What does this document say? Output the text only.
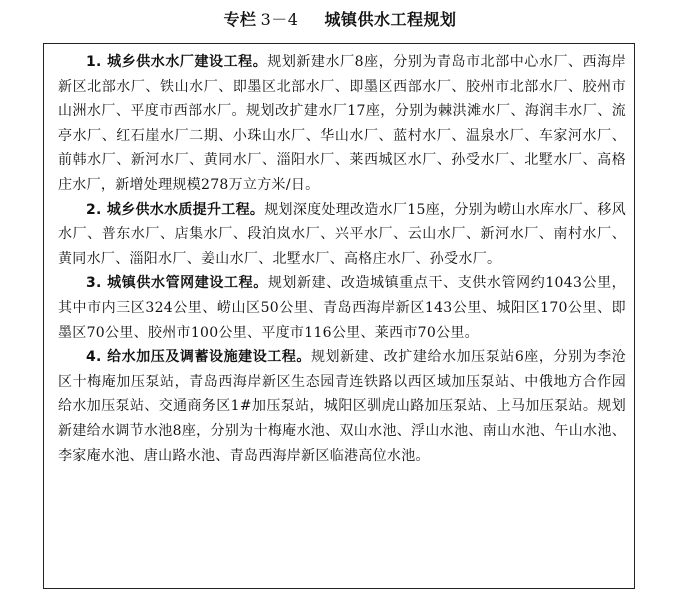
专栏 3－4 城镇供水工程规划

1. 城乡供水水厂建设工程。规划新建水厂8座，分别为青岛市北部中心水厂、西海岸新区北部水厂、铁山水厂、即墨区北部水厂、即墨区西部水厂、胶州市北部水厂、胶州市山洲水厂、平度市西部水厂。规划改扩建水厂17座，分别为棘洪滩水厂、海润丰水厂、流亭水厂、红石崖水厂二期、小珠山水厂、华山水厂、蓝村水厂、温泉水厂、车家河水厂、前韩水厂、新河水厂、黄同水厂、淄阳水厂、莱西城区水厂、孙受水厂、北墅水厂、高格庄水厂，新增处理规模278万立方米/日。

2. 城乡供水水质提升工程。规划深度处理改造水厂15座，分别为崂山水库水厂、移风水厂、普东水厂、店集水厂、段泊岚水厂、兴平水厂、云山水厂、新河水厂、南村水厂、黄同水厂、淄阳水厂、姜山水厂、北墅水厂、高格庄水厂、孙受水厂。

3. 城镇供水管网建设工程。规划新建、改造城镇重点干、支供水管网约1043公里，其中市内三区324公里、崂山区50公里、青岛西海岸新区143公里、城阳区170公里、即墨区70公里、胶州市100公里、平度市116公里、莱西市70公里。

4. 给水加压及调蓄设施建设工程。规划新建、改扩建给水加压泵站6座，分别为李沧区十梅庵加压泵站，青岛西海岸新区生态园青连铁路以西区域加压泵站、中俄地方合作园给水加压泵站、交通商务区1#加压泵站，城阳区驯虎山路加压泵站、上马加压泵站。规划新建给水调节水池8座，分别为十梅庵水池、双山水池、浮山水池、南山水池、午山水池、李家庵水池、唐山路水池、青岛西海岸新区临港高位水池。
